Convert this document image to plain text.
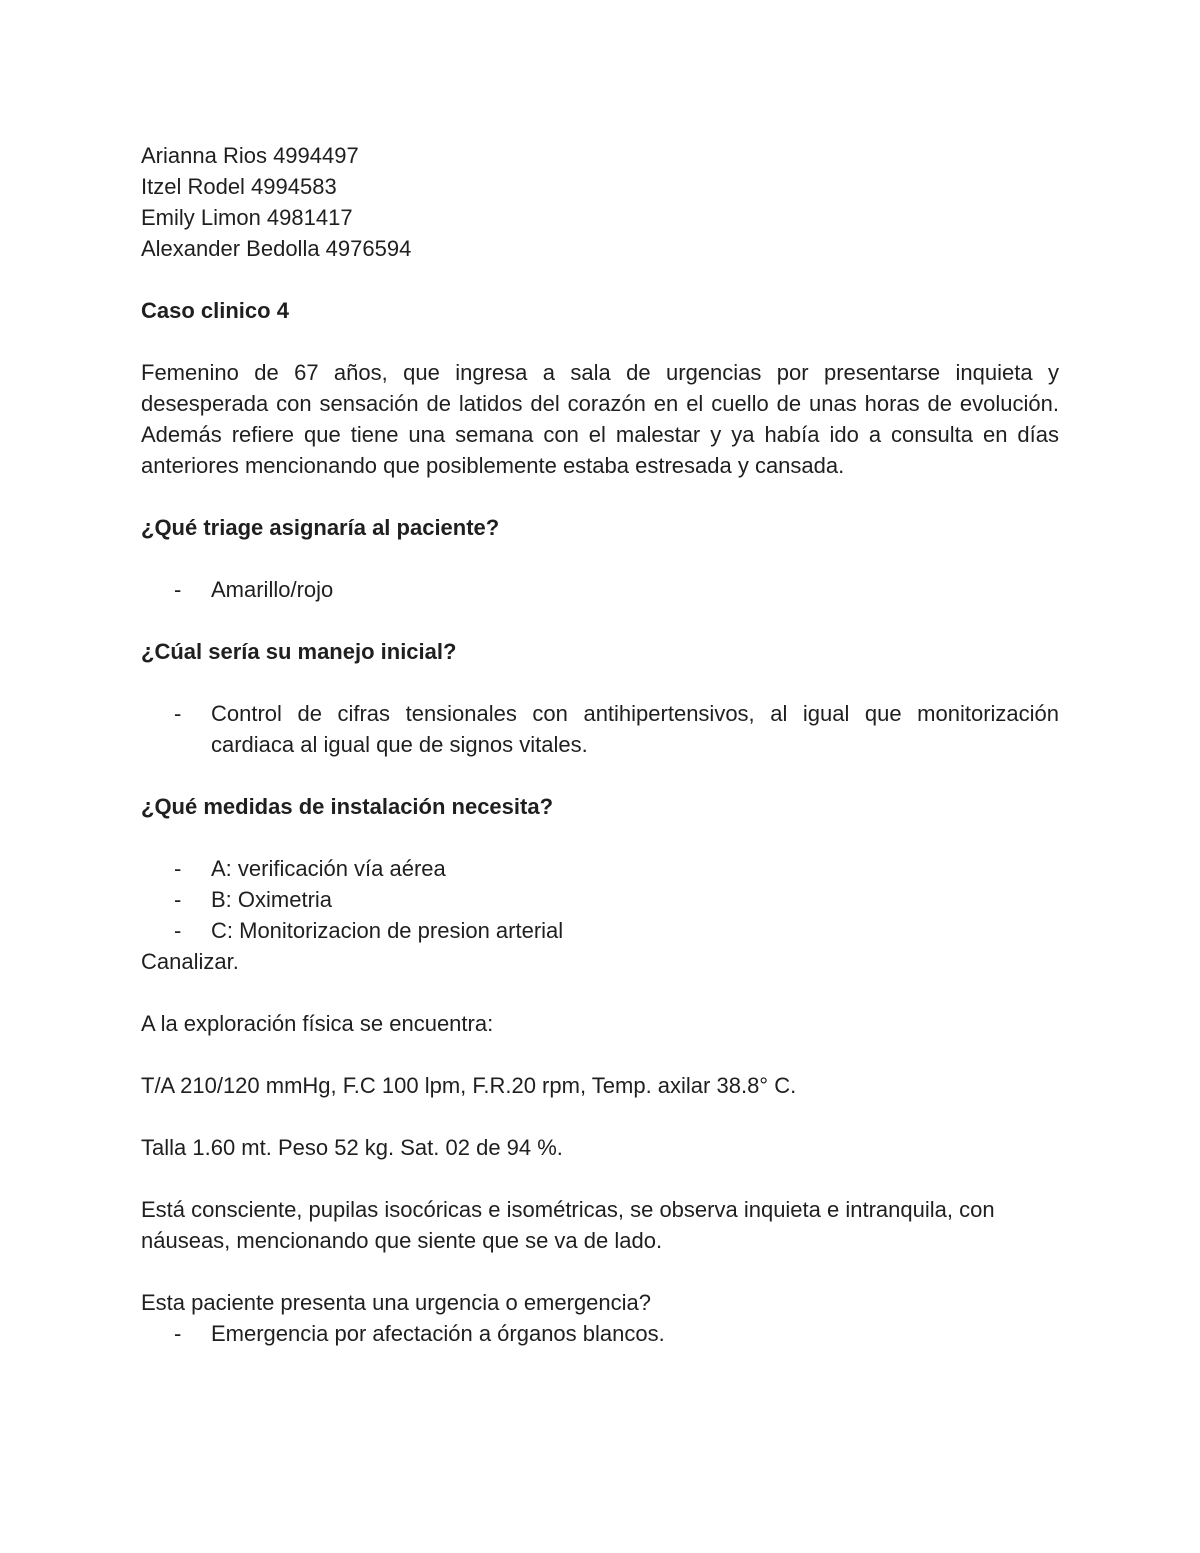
Arianna Rios 4994497

Itzel Rodel 4994583

Emily Limon 4981417

Alexander Bedolla 4976594

Caso clinico 4

Femenino de 67 años, que ingresa a sala de urgencias por presentarse inquieta y desesperada con sensación de latidos del corazón en el cuello de unas horas de evolución. Además refiere que tiene una semana con el malestar y ya había ido a consulta en días anteriores mencionando que posiblemente estaba estresada y cansada.

¿Qué triage asignaría al paciente?

- Amarillo/rojo

¿Cúal sería su manejo inicial?

- Control de cifras tensionales con antihipertensivos, al igual que monitorización cardiaca al igual que de signos vitales.

¿Qué medidas de instalación necesita?

- A: verificación vía aérea
- B: Oximetria
- C: Monitorizacion de presion arterial

Canalizar.

A la exploración física se encuentra:

T/A 210/120 mmHg, F.C 100 lpm, F.R.20 rpm, Temp. axilar 38.8° C.

Talla 1.60 mt. Peso 52 kg. Sat. 02 de 94 %.

Está consciente, pupilas isocóricas e isométricas, se observa inquieta e intranquila, con náuseas, mencionando que siente que se va de lado.

Esta paciente presenta una urgencia o emergencia?

- Emergencia por afectación a órganos blancos.
